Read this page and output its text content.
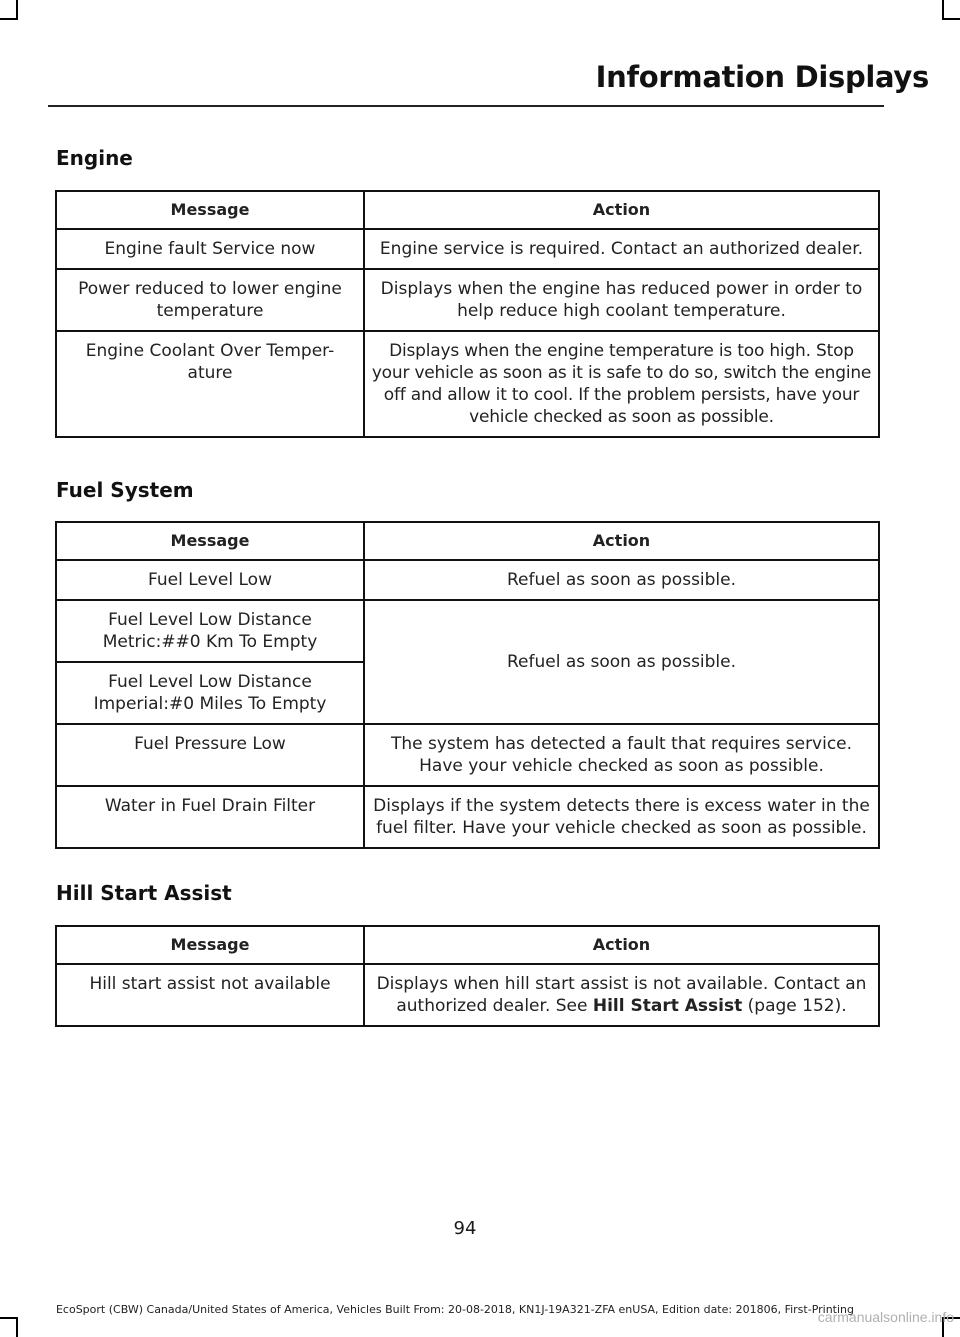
Information Displays
Engine
Message	Action
Engine fault Service now	Engine service is required. Contact an authorized dealer.
Power reduced to lower engine temperature	Displays when the engine has reduced power in order to help reduce high coolant temperature.
Engine Coolant Over Temper-ature	Displays when the engine temperature is too high. Stop your vehicle as soon as it is safe to do so, switch the engine off and allow it to cool. If the problem persists, have your vehicle checked as soon as possible.
Fuel System
Message	Action
Fuel Level Low	Refuel as soon as possible.
Fuel Level Low Distance Metric:##0 Km To Empty	Refuel as soon as possible.
Fuel Level Low Distance Imperial:#0 Miles To Empty	
Fuel Pressure Low	The system has detected a fault that requires service. Have your vehicle checked as soon as possible.
Water in Fuel Drain Filter	Displays if the system detects there is excess water in the fuel filter. Have your vehicle checked as soon as possible.
Hill Start Assist
Message	Action
Hill start assist not available	Displays when hill start assist is not available. Contact an authorized dealer. See Hill Start Assist (page 152).
94
EcoSport (CBW) Canada/United States of America, Vehicles Built From: 20-08-2018, KN1J-19A321-ZFA enUSA, Edition date: 201806, First-Printing
carmanualsonline.info
